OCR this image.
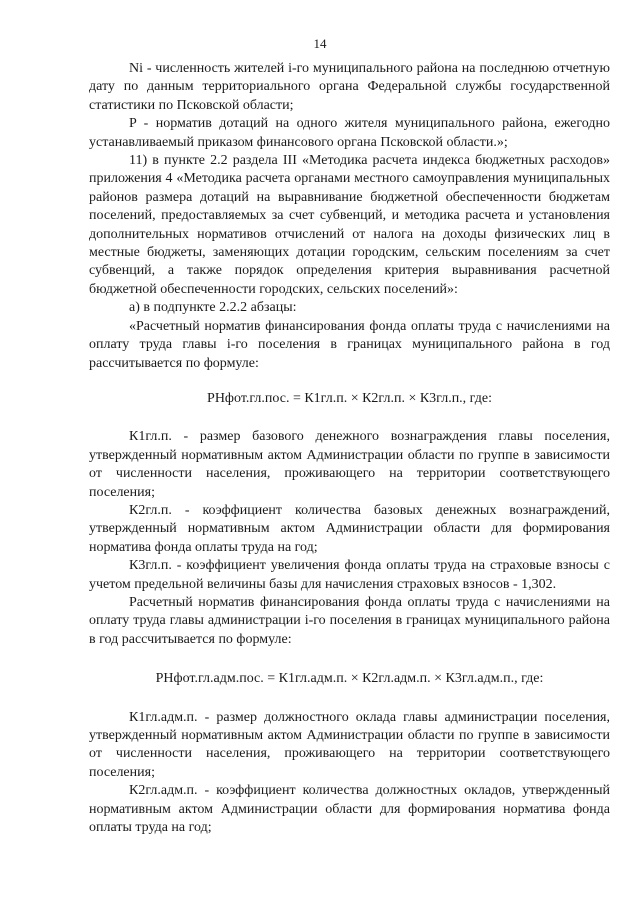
14

Ni - численность жителей i-го муниципального района на последнюю отчетную дату по данным территориального органа Федеральной службы государственной статистики по Псковской области;

P - норматив дотаций на одного жителя муниципального района, ежегодно устанавливаемый приказом финансового органа Псковской области.»;

11) в пункте 2.2 раздела III «Методика расчета индекса бюджетных расходов» приложения 4 «Методика расчета органами местного самоуправления муниципальных районов размера дотаций на выравнивание бюджетной обеспеченности бюджетам поселений, предоставляемых за счет субвенций, и методика расчета и установления дополнительных нормативов отчислений от налога на доходы физических лиц в местные бюджеты, заменяющих дотации городским, сельским поселениям за счет субвенций, а также порядок определения критерия выравнивания расчетной бюджетной обеспеченности городских, сельских поселений»:

а) в подпункте 2.2.2 абзацы:

«Расчетный норматив финансирования фонда оплаты труда с начислениями на оплату труда главы i-го поселения в границах муниципального района в год рассчитывается по формуле:

РНфот.гл.пос. = К1гл.п. × К2гл.п. × К3гл.п., где:

К1гл.п. - размер базового денежного вознаграждения главы поселения, утвержденный нормативным актом Администрации области по группе в зависимости от численности населения, проживающего на территории соответствующего поселения;

К2гл.п. - коэффициент количества базовых денежных вознаграждений, утвержденный нормативным актом Администрации области для формирования норматива фонда оплаты труда на год;

К3гл.п. - коэффициент увеличения фонда оплаты труда на страховые взносы с учетом предельной величины базы для начисления страховых взносов - 1,302.

Расчетный норматив финансирования фонда оплаты труда с начислениями на оплату труда главы администрации i-го поселения в границах муниципального района в год рассчитывается по формуле:

РНфот.гл.адм.пос. = К1гл.адм.п. × К2гл.адм.п. × К3гл.адм.п., где:

К1гл.адм.п. - размер должностного оклада главы администрации поселения, утвержденный нормативным актом Администрации области по группе в зависимости от численности населения, проживающего на территории соответствующего поселения;

К2гл.адм.п. - коэффициент количества должностных окладов, утвержденный нормативным актом Администрации области для формирования норматива фонда оплаты труда на год;
